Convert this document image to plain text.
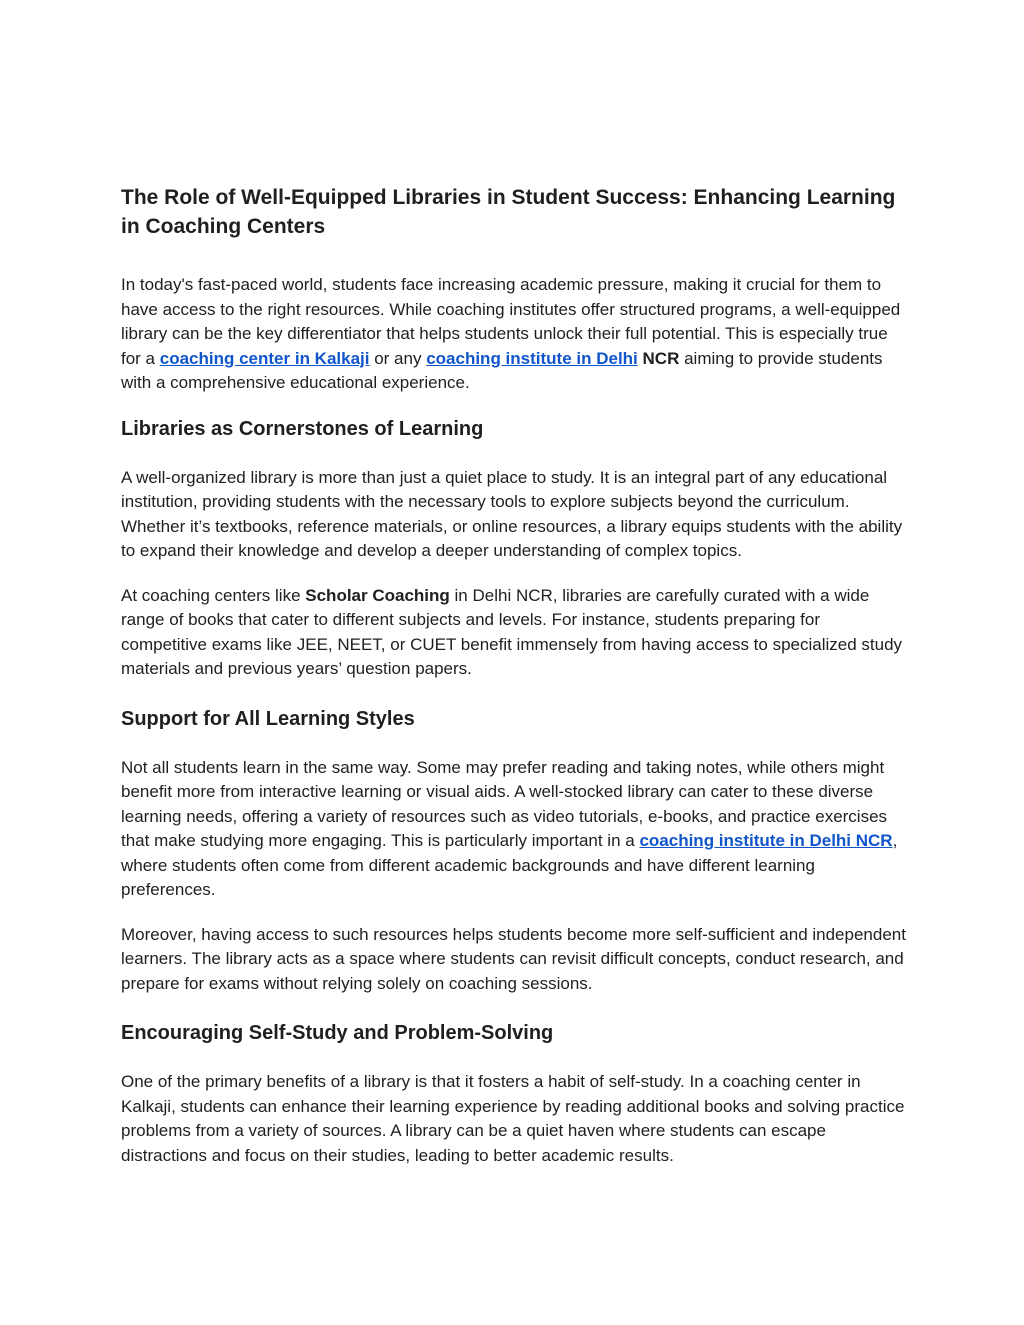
The Role of Well-Equipped Libraries in Student Success: Enhancing Learning in Coaching Centers

In today's fast-paced world, students face increasing academic pressure, making it crucial for them to have access to the right resources. While coaching institutes offer structured programs, a well-equipped library can be the key differentiator that helps students unlock their full potential. This is especially true for a coaching center in Kalkaji or any coaching institute in Delhi NCR aiming to provide students with a comprehensive educational experience.

Libraries as Cornerstones of Learning

A well-organized library is more than just a quiet place to study. It is an integral part of any educational institution, providing students with the necessary tools to explore subjects beyond the curriculum. Whether it’s textbooks, reference materials, or online resources, a library equips students with the ability to expand their knowledge and develop a deeper understanding of complex topics.

At coaching centers like Scholar Coaching in Delhi NCR, libraries are carefully curated with a wide range of books that cater to different subjects and levels. For instance, students preparing for competitive exams like JEE, NEET, or CUET benefit immensely from having access to specialized study materials and previous years’ question papers.

Support for All Learning Styles

Not all students learn in the same way. Some may prefer reading and taking notes, while others might benefit more from interactive learning or visual aids. A well-stocked library can cater to these diverse learning needs, offering a variety of resources such as video tutorials, e-books, and practice exercises that make studying more engaging. This is particularly important in a coaching institute in Delhi NCR, where students often come from different academic backgrounds and have different learning preferences.

Moreover, having access to such resources helps students become more self-sufficient and independent learners. The library acts as a space where students can revisit difficult concepts, conduct research, and prepare for exams without relying solely on coaching sessions.

Encouraging Self-Study and Problem-Solving

One of the primary benefits of a library is that it fosters a habit of self-study. In a coaching center in Kalkaji, students can enhance their learning experience by reading additional books and solving practice problems from a variety of sources. A library can be a quiet haven where students can escape distractions and focus on their studies, leading to better academic results.
